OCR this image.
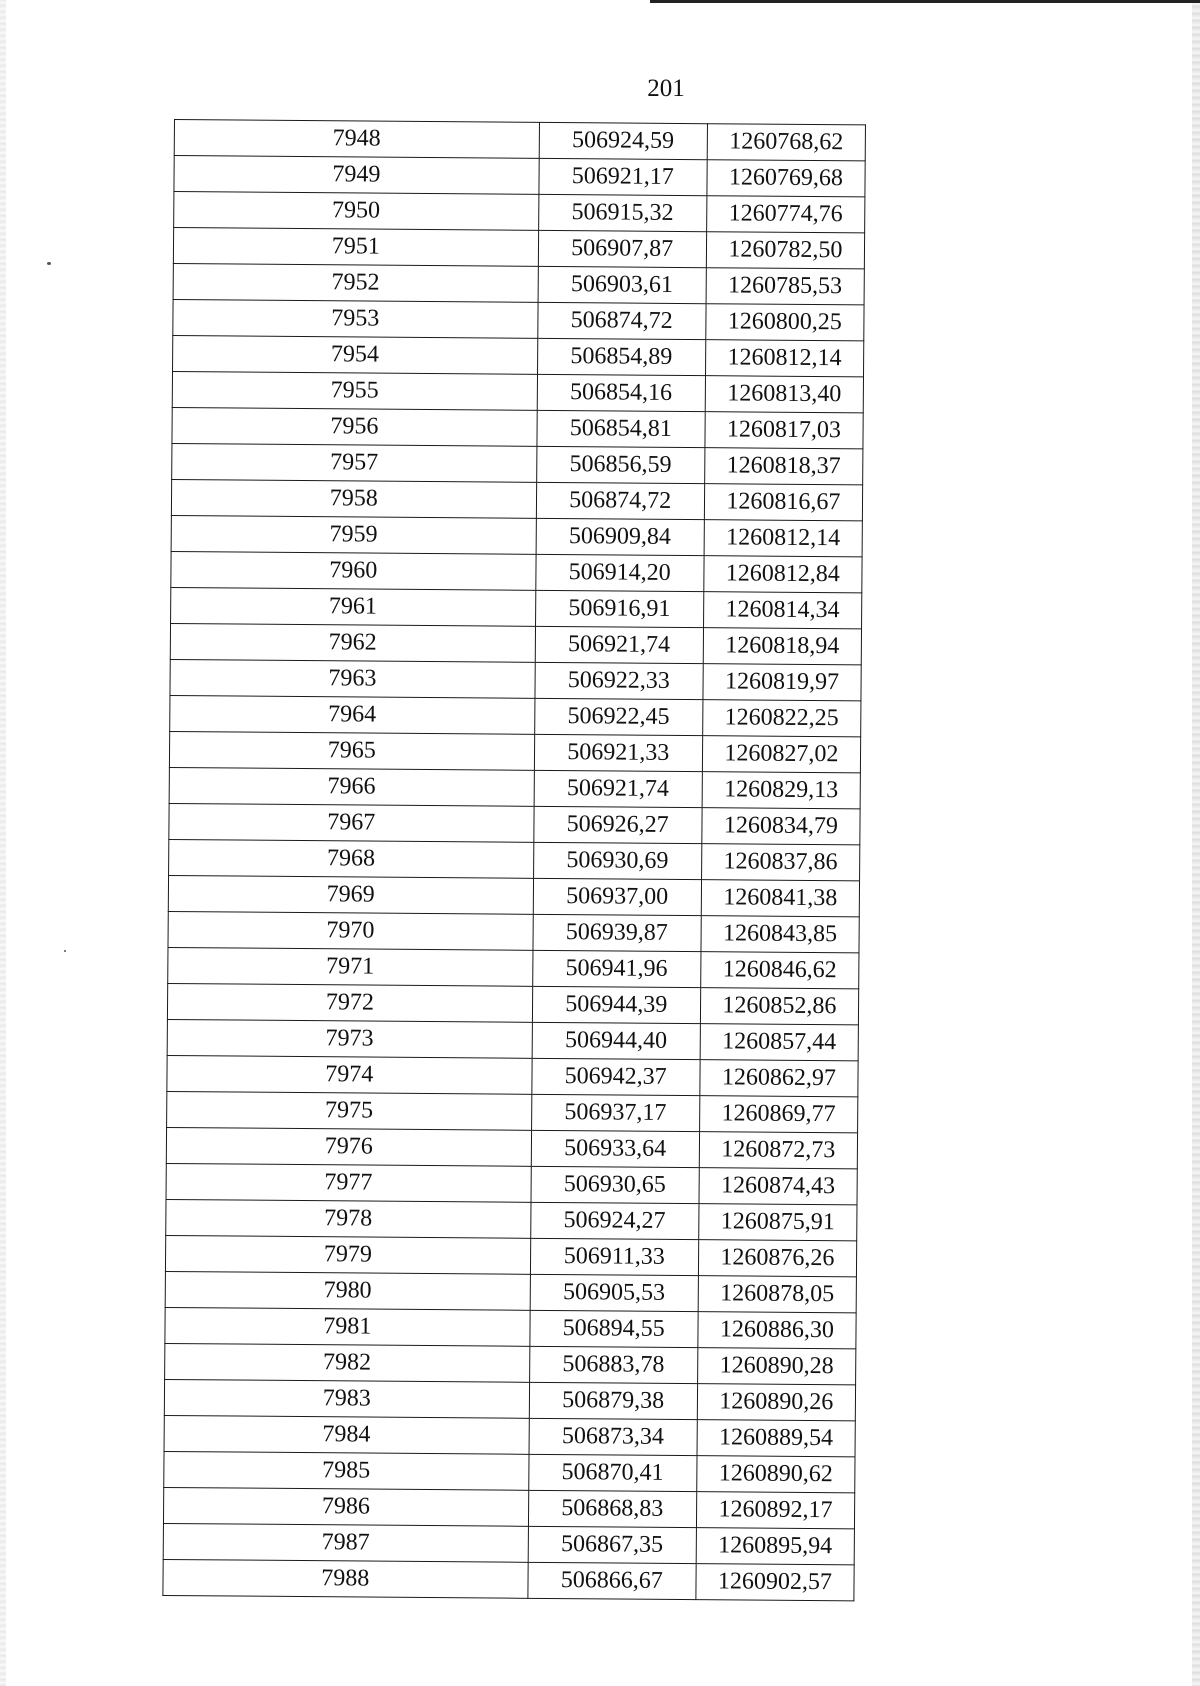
201
7948	506924,59	1260768,62
7949	506921,17	1260769,68
7950	506915,32	1260774,76
7951	506907,87	1260782,50
7952	506903,61	1260785,53
7953	506874,72	1260800,25
7954	506854,89	1260812,14
7955	506854,16	1260813,40
7956	506854,81	1260817,03
7957	506856,59	1260818,37
7958	506874,72	1260816,67
7959	506909,84	1260812,14
7960	506914,20	1260812,84
7961	506916,91	1260814,34
7962	506921,74	1260818,94
7963	506922,33	1260819,97
7964	506922,45	1260822,25
7965	506921,33	1260827,02
7966	506921,74	1260829,13
7967	506926,27	1260834,79
7968	506930,69	1260837,86
7969	506937,00	1260841,38
7970	506939,87	1260843,85
7971	506941,96	1260846,62
7972	506944,39	1260852,86
7973	506944,40	1260857,44
7974	506942,37	1260862,97
7975	506937,17	1260869,77
7976	506933,64	1260872,73
7977	506930,65	1260874,43
7978	506924,27	1260875,91
7979	506911,33	1260876,26
7980	506905,53	1260878,05
7981	506894,55	1260886,30
7982	506883,78	1260890,28
7983	506879,38	1260890,26
7984	506873,34	1260889,54
7985	506870,41	1260890,62
7986	506868,83	1260892,17
7987	506867,35	1260895,94
7988	506866,67	1260902,57
